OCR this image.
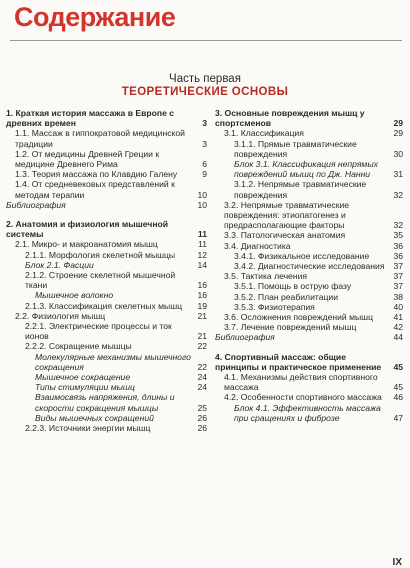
Содержание
Часть первая
ТЕОРЕТИЧЕСКИЕ ОСНОВЫ
1. Краткая история массажа в Европе с древних времен	3
1.1. Массаж в гиппократовой медицинской традиции	3
1.2. От медицины Древней Греции к медицине Древнего Рима	6
1.3. Теория массажа по Клавдию Галену	9
1.4. От средневековых представлений к методам терапии	10
Библиография	10
2. Анатомия и физиология мышечной системы	11
2.1. Микро- и макроанатомия мышц	11
2.1.1. Морфология скелетной мышцы	12
Блок 2.1. Фасции	14
2.1.2. Строение скелетной мышечной ткани	16
Мышечное волокно	16
2.1.3. Классификация скелетных мышц	19
2.2. Физиология мышц	21
2.2.1. Электрические процессы и ток ионов	21
2.2.2. Сокращение мышцы	22
Молекулярные механизмы мышечного сокращения	22
Мышечное сокращение	24
Типы стимуляции мышц	24
Взаимосвязь напряжения, длины и скорости сокращения мышцы	25
Виды мышечных сокращений	26
2.2.3. Источники энергии мышц	26
3. Основные повреждения мышц у спортсменов	29
3.1. Классификация	29
3.1.1. Прямые травматические повреждения	30
Блок 3.1. Классификация непрямых повреждений мышц по Дж. Нанни	31
3.1.2. Непрямые травматические повреждения	32
3.2. Непрямые травматические повреждения: этиопатогенез и предрасполагающие факторы	32
3.3. Патологическая анатомия	35
3.4. Диагностика	36
3.4.1. Физикальное исследование	36
3.4.2. Диагностические исследования	37
3.5. Тактика лечения	37
3.5.1. Помощь в острую фазу	37
3.5.2. План реабилитации	38
3.5.3. Физиотерапия	40
3.6. Осложнения повреждений мышц	41
3.7. Лечение повреждений мышц	42
Библиография	44
4. Спортивный массаж: общие принципы и практическое применение	45
4.1. Механизмы действия спортивного массажа	45
4.2. Особенности спортивного массажа	46
Блок 4.1. Эффективность массажа при сращениях и фиброзе	47
IX
